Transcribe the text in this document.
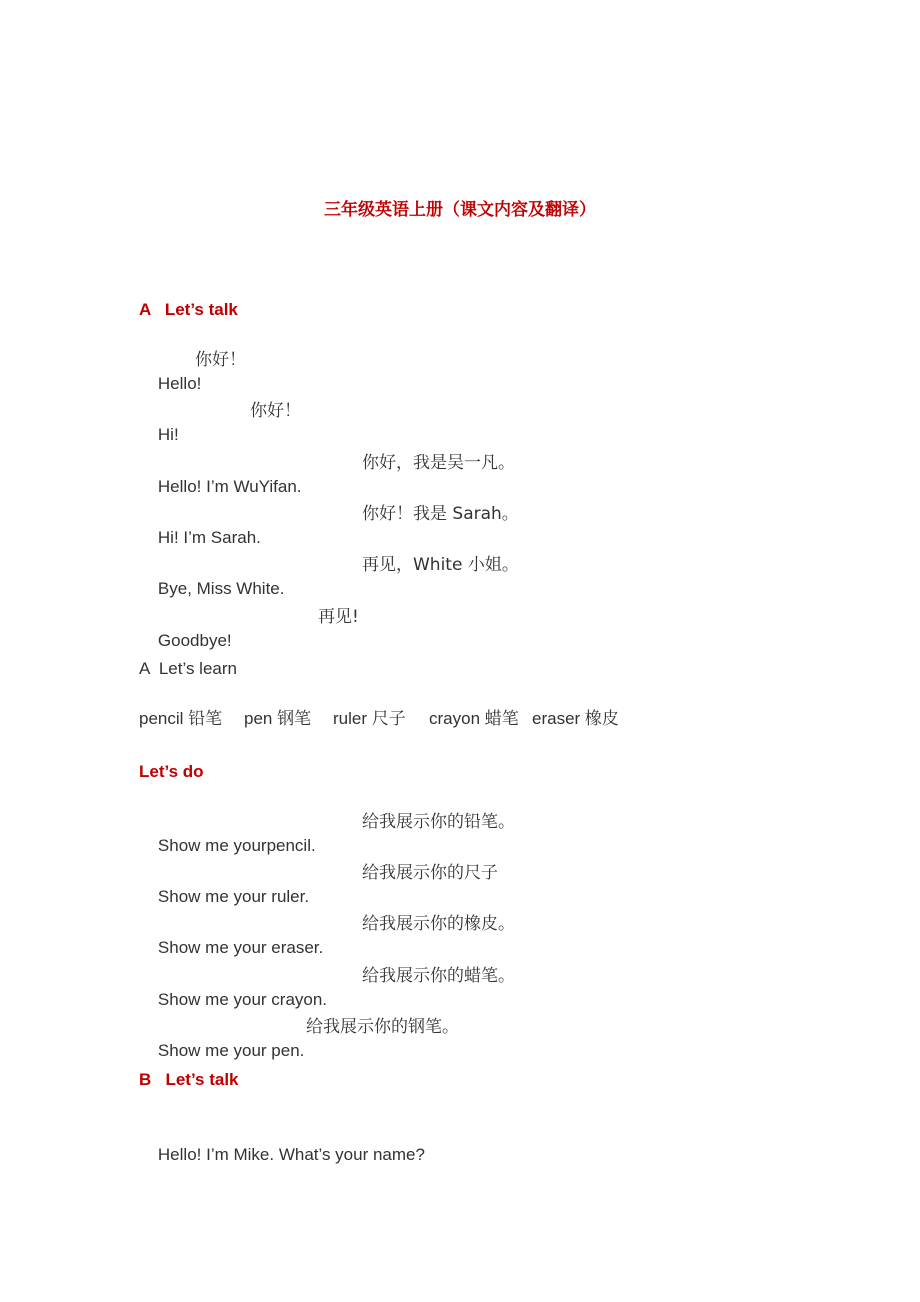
三年级英语上册（课文内容及翻译）
A   Let’s talk

Hello!

你好！

Hi!

你好！

Hello! I’m WuYifan.

你好，我是吴一凡。

Hi! I’m Sarah.

你好！我是 Sarah。

Bye, Miss White.

再见，White 小姐。

Goodbye!

再见!

A  Let’s learn

pencil 铅笔

pen 钢笔

ruler 尺子

crayon 蜡笔

eraser 橡皮

Let’s do

Show me yourpencil.

给我展示你的铅笔。

Show me your ruler.

给我展示你的尺子

Show me your eraser.

给我展示你的橡皮。

Show me your crayon.

给我展示你的蜡笔。

Show me your pen.

给我展示你的钢笔。

B   Let’s talk

Hello! I’m Mike. What’s your name?
